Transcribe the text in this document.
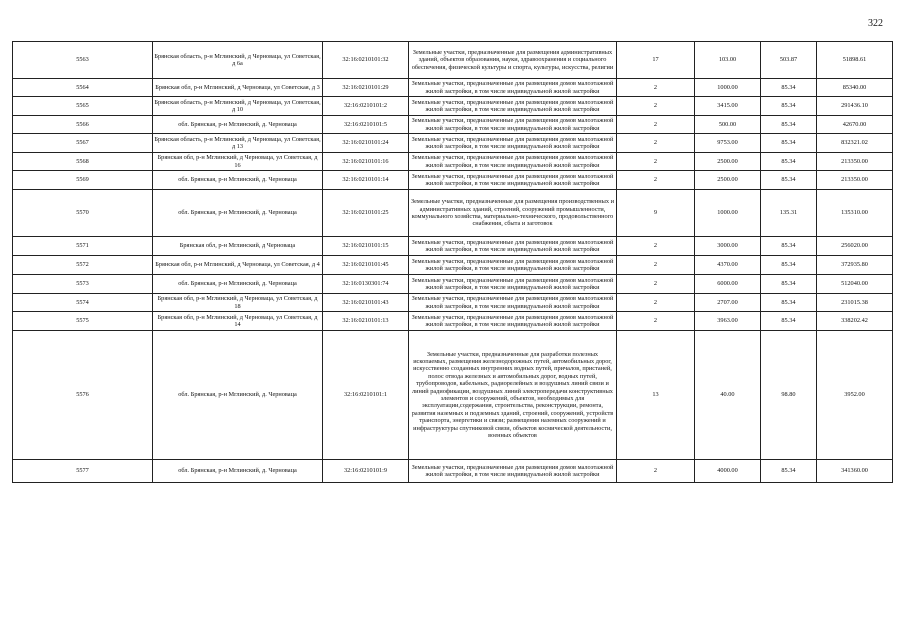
322
5563	Брянская область, р-н Мглинский, д Черноваца, ул Советская, д 6а	32:16:0210101:32	Земельные участки, предназначенные для размещения административных зданий, объектов образования, науки, здравоохранения и социального обеспечения, физической культуры и спорта, культуры, искусства, религии	17	103.00	503.87	51898.61
5564	Брянская обл, р-н Мглинский, д Черноваца, ул Советская, д 3	32:16:0210101:29	Земельные участки, предназначенные для размещения домов малоэтажной жилой застройки, в том числе индивидуальной жилой застройки	2	1000.00	85.34	85340.00
5565	Брянская область, р-н Мглинский, д Черноваца, ул Советская, д 10	32:16:0210101:2	Земельные участки, предназначенные для размещения домов малоэтажной жилой застройки, в том числе индивидуальной жилой застройки	2	3415.00	85.34	291436.10
5566	обл. Брянская, р-н Мглинский, д. Черноваца	32:16:0210101:5	Земельные участки, предназначенные для размещения домов малоэтажной жилой застройки, в том числе индивидуальной жилой застройки	2	500.00	85.34	42670.00
5567	Брянская область, р-н Мглинский, д Черноваца, ул Советская, д 13	32:16:0210101:24	Земельные участки, предназначенные для размещения домов малоэтажной жилой застройки, в том числе индивидуальной жилой застройки	2	9753.00	85.34	832321.02
5568	Брянская обл, р-н Мглинский, д Черноваца, ул Советская, д 16	32:16:0210101:16	Земельные участки, предназначенные для размещения домов малоэтажной жилой застройки, в том числе индивидуальной жилой застройки	2	2500.00	85.34	213350.00
5569	обл. Брянская, р-н Мглинский, д. Черноваца	32:16:0210101:14	Земельные участки, предназначенные для размещения домов малоэтажной жилой застройки, в том числе индивидуальной жилой застройки	2	2500.00	85.34	213350.00
5570	обл. Брянская, р-н Мглинский, д. Черноваца	32:16:0210101:25	Земельные участки, предназначенные для размещения производственных и административных зданий, строений, сооружений промышленности, коммунального хозяйства, материально-технического, продовольственного снабжения, сбыта и заготовок	9	1000.00	135.31	135310.00
5571	Брянская обл, р-н Мглинский, д Черноваца	32:16:0210101:15	Земельные участки, предназначенные для размещения домов малоэтажной жилой застройки, в том числе индивидуальной жилой застройки	2	3000.00	85.34	256020.00
5572	Брянская обл, р-н Мглинский, д Черноваца, ул Советская, д 4	32:16:0210101:45	Земельные участки, предназначенные для размещения домов малоэтажной жилой застройки, в том числе индивидуальной жилой застройки	2	4370.00	85.34	372935.80
5573	обл. Брянская, р-н Мглинский, д. Черноваца	32:16:0130301:74	Земельные участки, предназначенные для размещения домов малоэтажной жилой застройки, в том числе индивидуальной жилой застройки	2	6000.00	85.34	512040.00
5574	Брянская обл, р-н Мглинский, д Черноваца, ул Советская, д 18	32:16:0210101:43	Земельные участки, предназначенные для размещения домов малоэтажной жилой застройки, в том числе индивидуальной жилой застройки	2	2707.00	85.34	231015.38
5575	Брянская обл, р-н Мглинский, д Черноваца, ул Советская, д 14	32:16:0210101:13	Земельные участки, предназначенные для размещения домов малоэтажной жилой застройки, в том числе индивидуальной жилой застройки	2	3963.00	85.34	338202.42
5576	обл. Брянская, р-н Мглинский, д. Черноваца	32:16:0210101:1	Земельные участки, предназначенные для разработки полезных ископаемых, размещения железнодорожных путей, автомобильных дорог, искусственно созданных внутренних водных путей, причалов, пристаней, полос отвода железных и автомобильных дорог, водных путей, трубопроводов, кабельных, радиорелейных и воздушных линий связи и линий радиофикации, воздушных линий электропередачи конструктивных элементов и сооружений, объектов, необходимых для эксплуатации,содержания, строительства, реконструкции, ремонта, развития наземных и подземных зданий, строений, сооружений, устройств транспорта, энергетики и связи; размещения наземных сооружений и инфраструктуры спутниковой связи, объектов космической деятельности, военных объектов	13	40.00	98.80	3952.00
5577	обл. Брянская, р-н Мглинский, д. Черноваца	32:16:0210101:9	Земельные участки, предназначенные для размещения домов малоэтажной жилой застройки, в том числе индивидуальной жилой застройки	2	4000.00	85.34	341360.00
